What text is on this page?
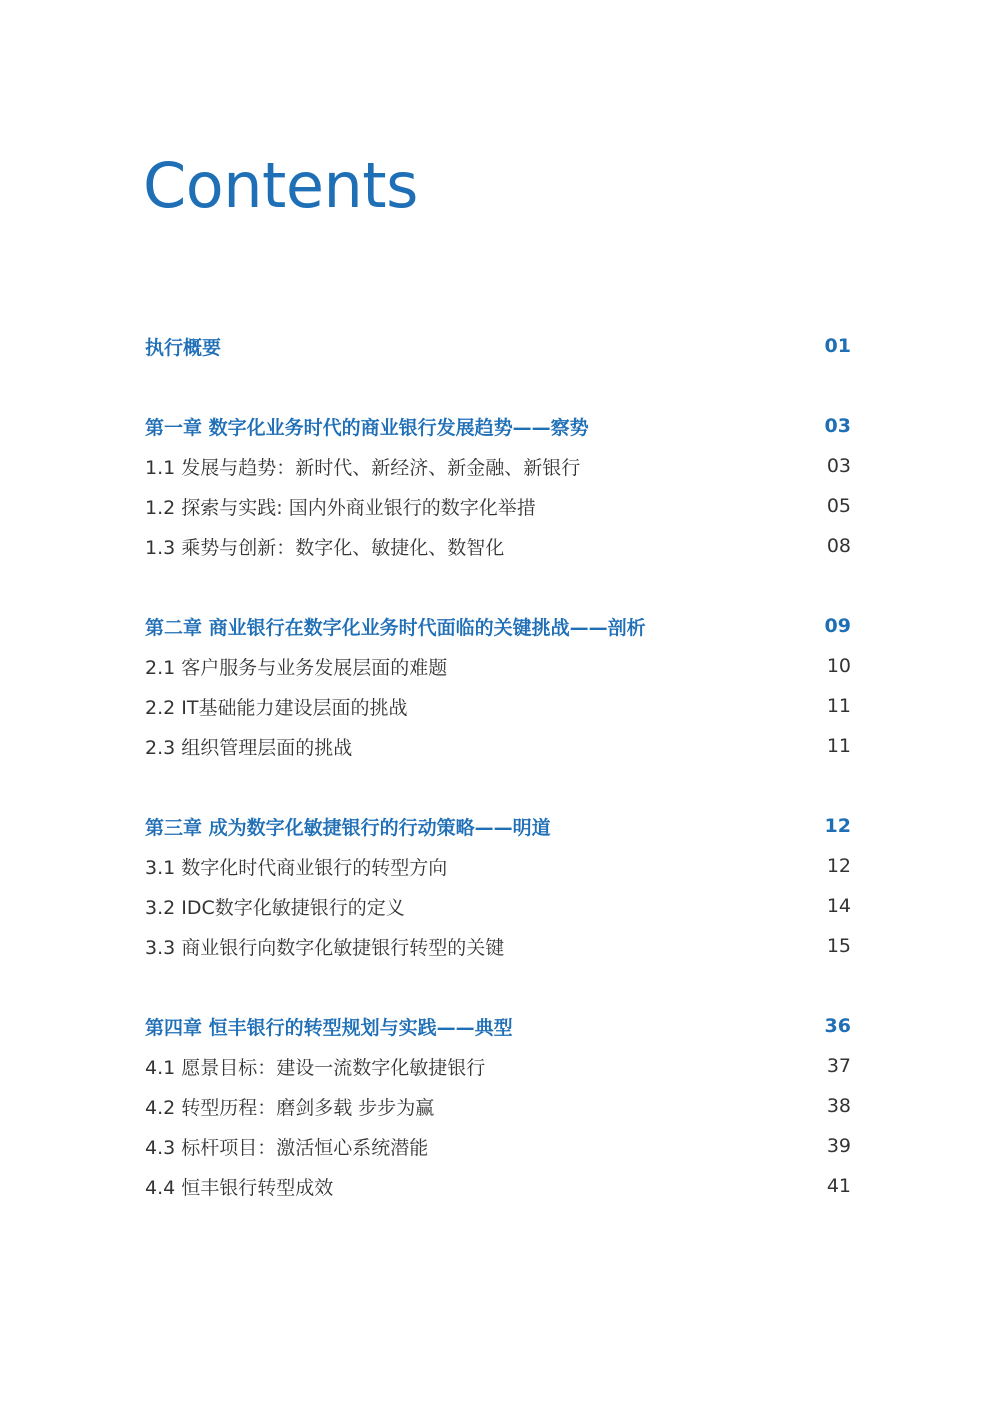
Contents
执行概要	01
第一章 数字化业务时代的商业银行发展趋势——察势	03
1.1 发展与趋势：新时代、新经济、新金融、新银行	03
1.2 探索与实践: 国内外商业银行的数字化举措	05
1.3 乘势与创新：数字化、敏捷化、数智化	08
第二章 商业银行在数字化业务时代面临的关键挑战——剖析	09
2.1 客户服务与业务发展层面的难题	10
2.2 IT基础能力建设层面的挑战	11
2.3 组织管理层面的挑战	11
第三章 成为数字化敏捷银行的行动策略——明道	12
3.1 数字化时代商业银行的转型方向	12
3.2 IDC数字化敏捷银行的定义	14
3.3 商业银行向数字化敏捷银行转型的关键	15
第四章 恒丰银行的转型规划与实践——典型	36
4.1 愿景目标：建设一流数字化敏捷银行	37
4.2 转型历程：磨剑多载 步步为赢	38
4.3 标杆项目：激活恒心系统潜能	39
4.4 恒丰银行转型成效	41
